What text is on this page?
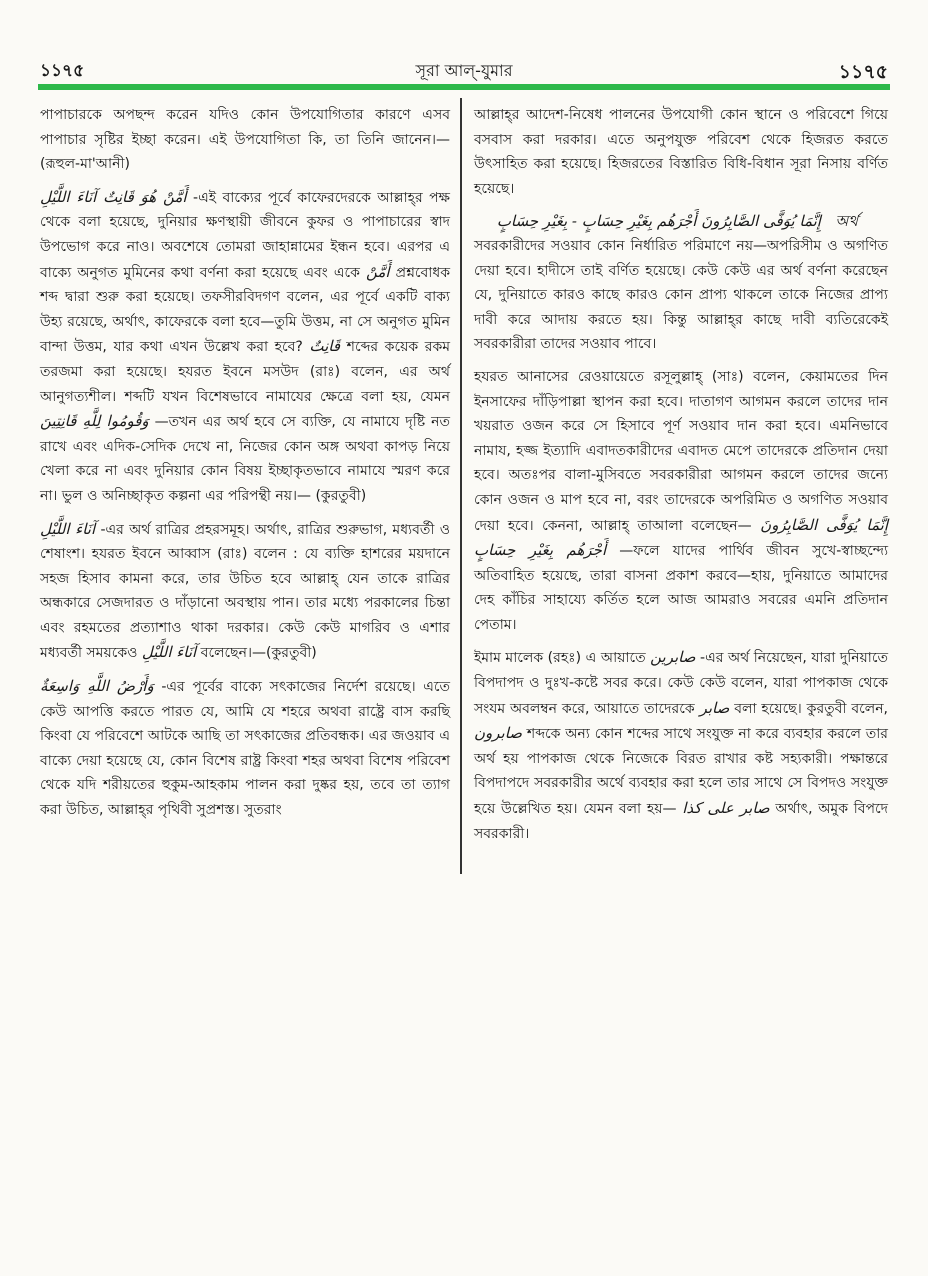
১১৭৫	সূরা আল্‌-যুমার	১১৭৫

পাপাচারকে অপছন্দ করেন যদিও কোন উপযোগিতার কারণে এসব পাপাচার সৃষ্টির ইচ্ছা করেন। এই উপযোগিতা কি, তা তিনি জানেন।— (রূহুল-মা'আনী)

أَمَّنْ هُوَ قَانِتٌ آنَاءَ اللَّيْلِ -এই বাক্যের পূর্বে কাফেরদেরকে আল্লাহ্‌র পক্ষ থেকে বলা হয়েছে, দুনিয়ার ক্ষণস্থায়ী জীবনে কুফর ও পাপাচারের স্বাদ উপভোগ করে নাও। অবশেষে তোমরা জাহান্নামের ইন্ধন হবে। এরপর এ বাক্যে অনুগত মুমিনের কথা বর্ণনা করা হয়েছে এবং একে أَمَّنْ প্রশ্নবোধক শব্দ দ্বারা শুরু করা হয়েছে। তফসীরবিদগণ বলেন, এর পূর্বে একটি বাক্য উহ্য রয়েছে, অর্থাৎ, কাফেরকে বলা হবে—তুমি উত্তম, না সে অনুগত মুমিন বান্দা উত্তম, যার কথা এখন উল্লেখ করা হবে? قَانِتٌ শব্দের কয়েক রকম তরজমা করা হয়েছে। হযরত ইবনে মসউদ (রাঃ) বলেন, এর অর্থ আনুগত্যশীল। শব্দটি যখন বিশেষভাবে নামাযের ক্ষেত্রে বলা হয়, যেমন وَقُومُوا لِلَّهِ قَانِتِينَ —তখন এর অর্থ হবে সে ব্যক্তি, যে নামাযে দৃষ্টি নত রাখে এবং এদিক-সেদিক দেখে না, নিজের কোন অঙ্গ অথবা কাপড় নিয়ে খেলা করে না এবং দুনিয়ার কোন বিষয় ইচ্ছাকৃতভাবে নামাযে স্মরণ করে না। ভুল ও অনিচ্ছাকৃত কল্পনা এর পরিপন্থী নয়।— (কুরতুবী)

آنَاءَ اللَّيْلِ -এর অর্থ রাত্রির প্রহরসমূহ। অর্থাৎ, রাত্রির শুরুভাগ, মধ্যবর্তী ও শেষাংশ। হযরত ইবনে আব্বাস (রাঃ) বলেন : যে ব্যক্তি হাশরের ময়দানে সহজ হিসাব কামনা করে, তার উচিত হবে আল্লাহ্‌ যেন তাকে রাত্রির অন্ধকারে সেজদারত ও দাঁড়ানো অবস্থায় পান। তার মধ্যে পরকালের চিন্তা এবং রহমতের প্রত্যাশাও থাকা দরকার। কেউ কেউ মাগরিব ও এশার মধ্যবর্তী সময়কেও آنَاءَ اللَّيْلِ বলেছেন।—(কুরতুবী)

وَأَرْضُ اللَّهِ وَاسِعَةٌ -এর পূর্বের বাক্যে সৎকাজের নির্দেশ রয়েছে। এতে কেউ আপত্তি করতে পারত যে, আমি যে শহরে অথবা রাষ্ট্রে বাস করছি কিংবা যে পরিবেশে আটকে আছি তা সৎকাজের প্রতিবন্ধক। এর জওয়াব এ বাক্যে দেয়া হয়েছে যে, কোন বিশেষ রাষ্ট্র কিংবা শহর অথবা বিশেষ পরিবেশ থেকে যদি শরীয়তের হুকুম-আহকাম পালন করা দুষ্কর হয়, তবে তা ত্যাগ করা উচিত, আল্লাহ্‌র পৃথিবী সুপ্রশস্ত। সুতরাং

আল্লাহ্‌র আদেশ-নিষেধ পালনের উপযোগী কোন স্থানে ও পরিবেশে গিয়ে বসবাস করা দরকার। এতে অনুপযুক্ত পরিবেশ থেকে হিজরত করতে উৎসাহিত করা হয়েছে। হিজরতের বিস্তারিত বিধি-বিধান সূরা নিসায় বর্ণিত হয়েছে।

إِنَّمَا يُوَفَّى الصَّابِرُونَ أَجْرَهُم بِغَيْرِ حِسَابٍ - بِغَيْرِ حِسَابٍ অর্থ
সবরকারীদের সওয়াব কোন নির্ধারিত পরিমাণে নয়—অপরিসীম ও অগণিত দেয়া হবে। হাদীসে তাই বর্ণিত হয়েছে। কেউ কেউ এর অর্থ বর্ণনা করেছেন যে, দুনিয়াতে কারও কাছে কারও কোন প্রাপ্য থাকলে তাকে নিজের প্রাপ্য দাবী করে আদায় করতে হয়। কিন্তু আল্লাহ্‌র কাছে দাবী ব্যতিরেকেই সবরকারীরা তাদের সওয়াব পাবে।

হযরত আনাসের রেওয়ায়েতে রসূলুল্লাহ্‌ (সাঃ) বলেন, কেয়ামতের দিন ইনসাফের দাঁড়িপাল্লা স্থাপন করা হবে। দাতাগণ আগমন করলে তাদের দান খয়রাত ওজন করে সে হিসাবে পূর্ণ সওয়াব দান করা হবে। এমনিভাবে নামায, হজ্জ ইত্যাদি এবাদতকারীদের এবাদত মেপে তাদেরকে প্রতিদান দেয়া হবে। অতঃপর বালা-মুসিবতে সবরকারীরা আগমন করলে তাদের জন্যে কোন ওজন ও মাপ হবে না, বরং তাদেরকে অপরিমিত ও অগণিত সওয়াব দেয়া হবে। কেননা, আল্লাহ্‌ তাআলা বলেছেন— إِنَّمَا يُوَفَّى الصَّابِرُونَ أَجْرَهُم بِغَيْرِ حِسَابٍ —ফলে যাদের পার্থিব জীবন সুখে-স্বাচ্ছন্দ্যে অতিবাহিত হয়েছে, তারা বাসনা প্রকাশ করবে—হায়, দুনিয়াতে আমাদের দেহ কাঁচির সাহায্যে কর্তিত হলে আজ আমরাও সবরের এমনি প্রতিদান পেতাম।

ইমাম মালেক (রহঃ) এ আয়াতে صابرين -এর অর্থ নিয়েছেন, যারা দুনিয়াতে বিপদাপদ ও দুঃখ-কষ্টে সবর করে। কেউ কেউ বলেন, যারা পাপকাজ থেকে সংযম অবলম্বন করে, আয়াতে তাদেরকে صابر বলা হয়েছে। কুরতুবী বলেন, صابرون শব্দকে অন্য কোন শব্দের সাথে সংযুক্ত না করে ব্যবহার করলে তার অর্থ হয় পাপকাজ থেকে নিজেকে বিরত রাখার কষ্ট সহ্যকারী। পক্ষান্তরে বিপদাপদে সবরকারীর অর্থে ব্যবহার করা হলে তার সাথে সে বিপদও সংযুক্ত হয়ে উল্লেখিত হয়। যেমন বলা হয়— صابر على كذا অর্থাৎ, অমুক বিপদে সবরকারী।
